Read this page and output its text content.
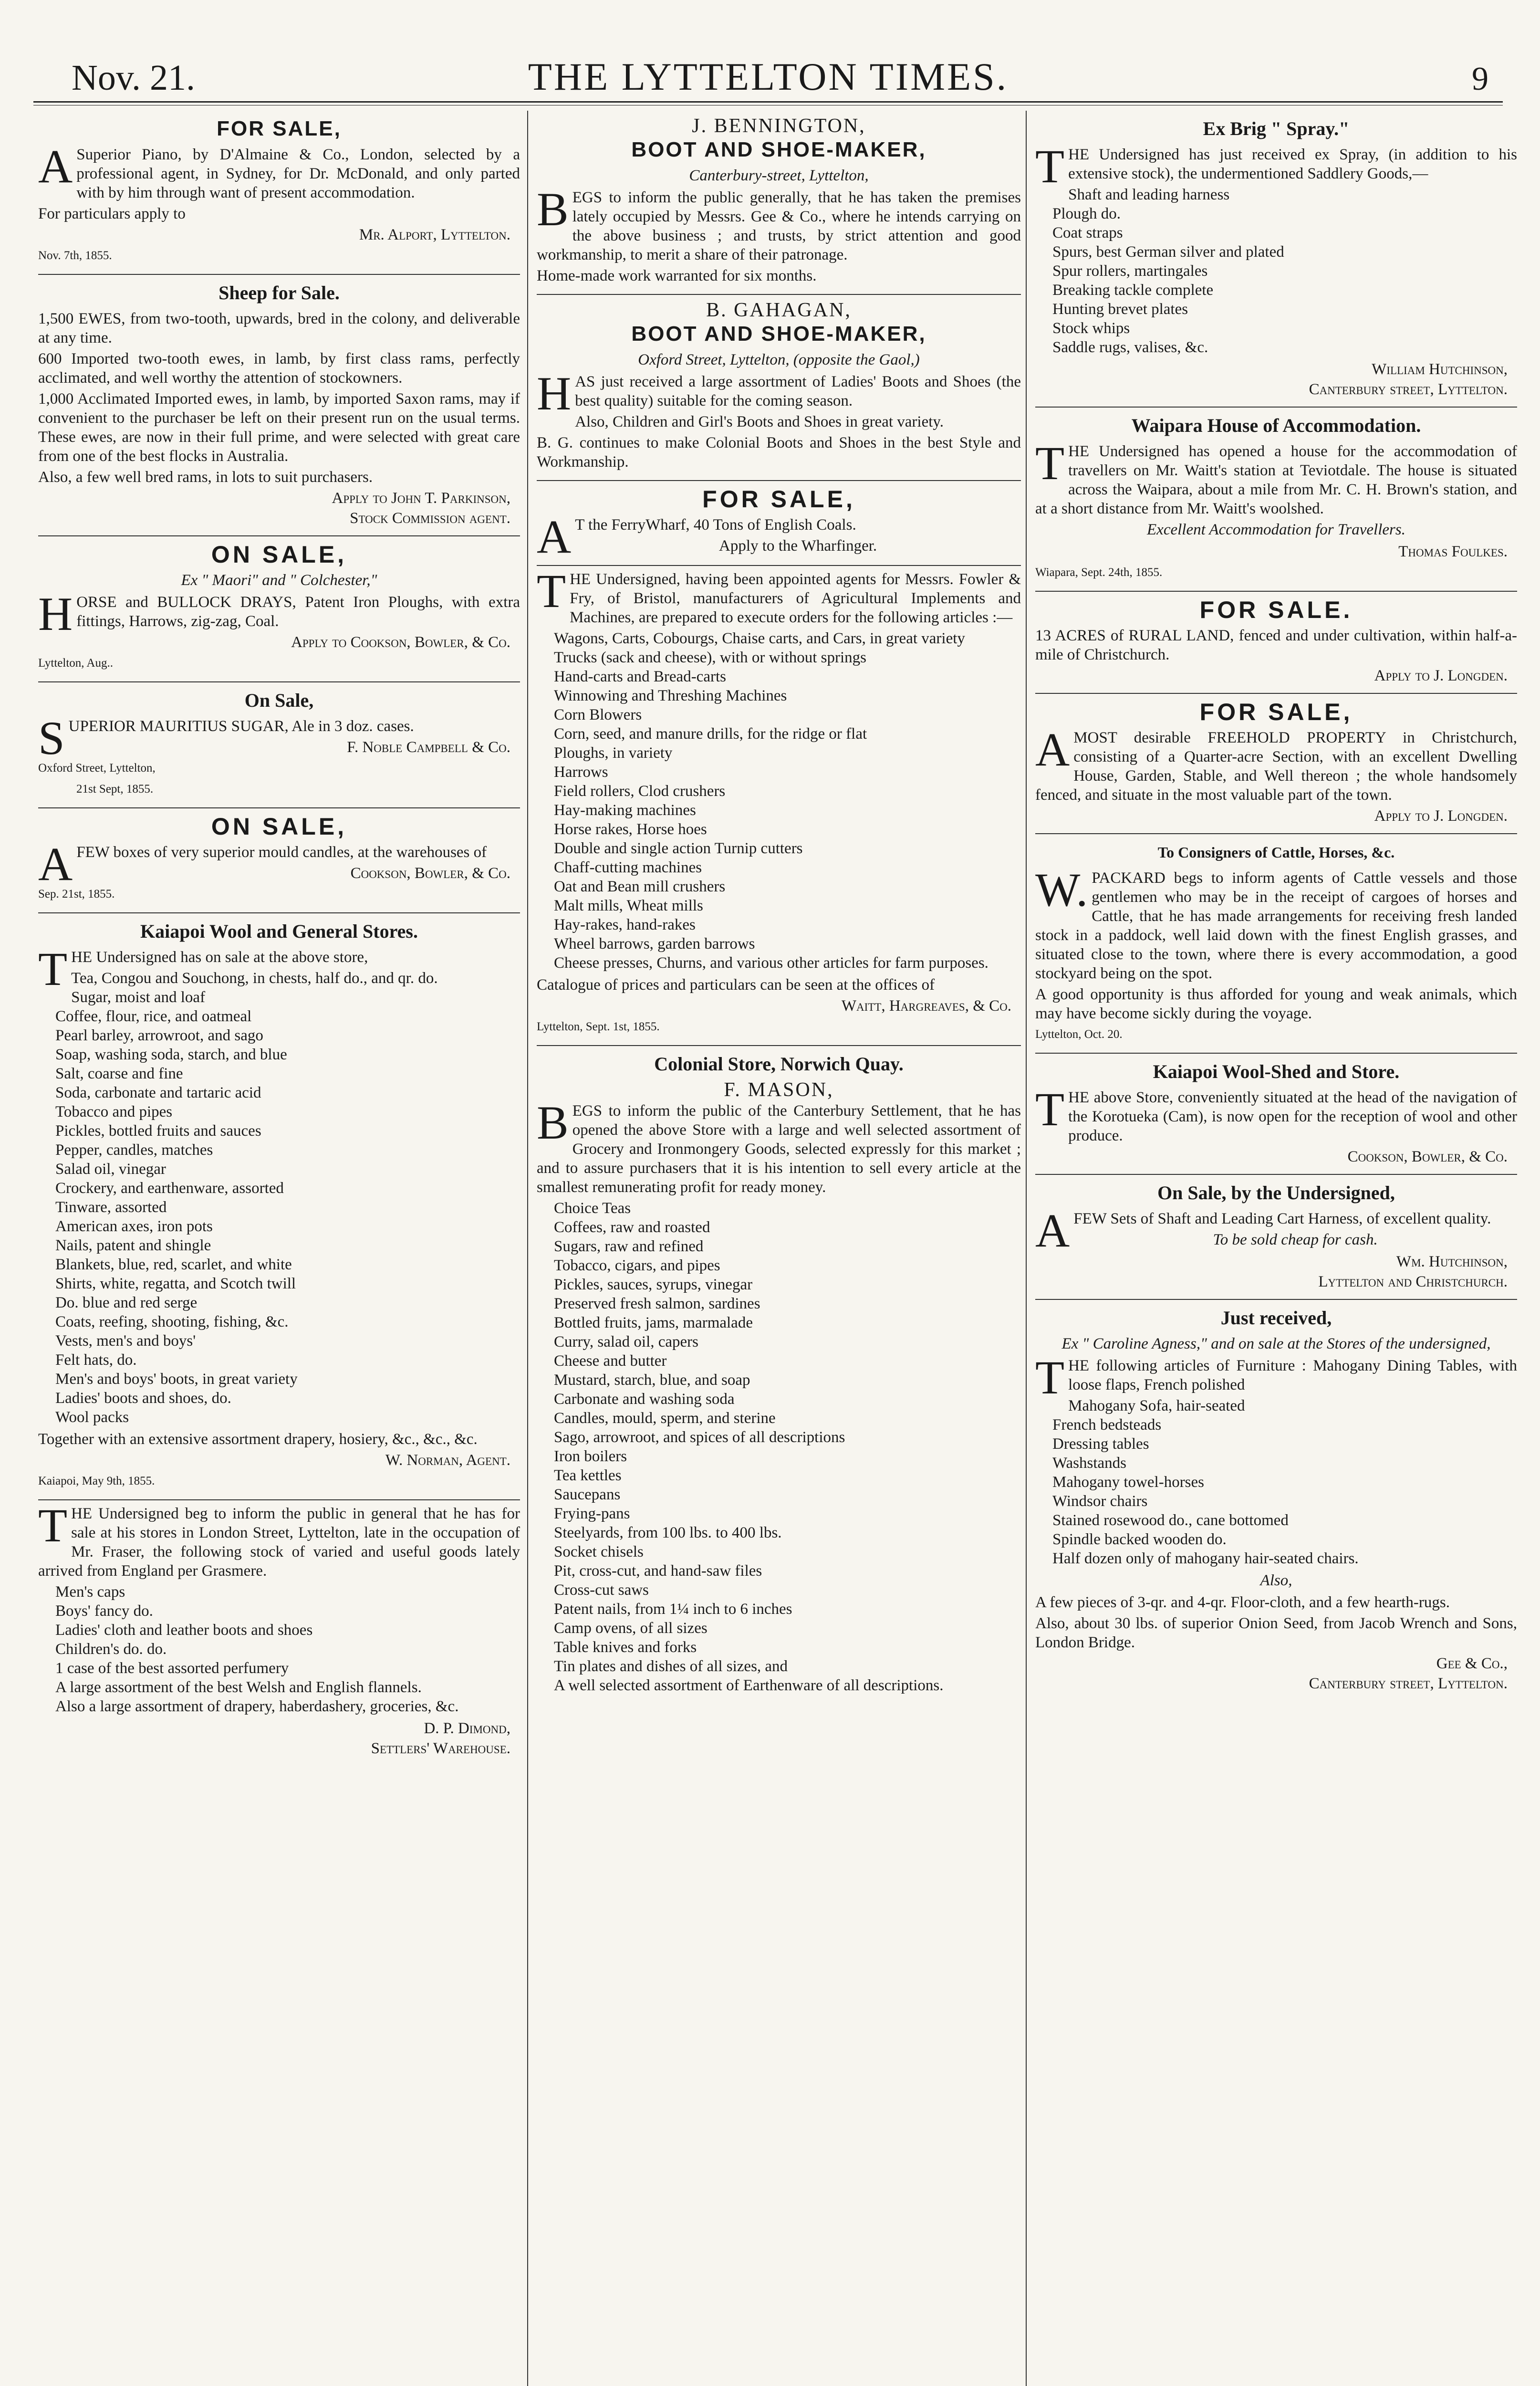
Nov. 21.	THE LYTTELTON TIMES.	9
FOR SALE,

ASuperior Piano, by D'Almaine & Co., London, selected by a professional agent, in Sydney, for Dr. McDonald, and only parted with by him through want of present accommodation.

For particulars apply to

Mr. Alport, Lyttelton.
Nov. 7th, 1855.
Sheep for Sale.

1,500 EWES, from two-tooth, upwards, bred in the colony, and deliverable at any time.

600 Imported two-tooth ewes, in lamb, by first class rams, perfectly acclimated, and well worthy the attention of stockowners.

1,000 Acclimated Imported ewes, in lamb, by imported Saxon rams, may if convenient to the purchaser be left on their present run on the usual terms. These ewes, are now in their full prime, and were selected with great care from one of the best flocks in Australia.

Also, a few well bred rams, in lots to suit purchasers.

Apply to John T. Parkinson,
Stock Commission agent.
ON SALE,
Ex " Maori" and " Colchester,"

HORSE and BULLOCK DRAYS, Patent Iron Ploughs, with extra fittings, Harrows, zig-zag, Coal.

Apply to Cookson, Bowler, & Co.
Lyttelton, Aug..
On Sale,

SUPERIOR MAURITIUS SUGAR, Ale in 3 doz. cases.

F. Noble Campbell & Co.
Oxford Street, Lyttelton,
21st Sept, 1855.
ON SALE,

AFEW boxes of very superior mould candles, at the warehouses of

Cookson, Bowler, & Co.
Sep. 21st, 1855.
Kaiapoi Wool and General Stores.

THE Undersigned has on sale at the above store,

Tea, Congou and Souchong, in chests, half do., and qr. do.
Sugar, moist and loaf
Coffee, flour, rice, and oatmeal
Pearl barley, arrowroot, and sago
Soap, washing soda, starch, and blue
Salt, coarse and fine
Soda, carbonate and tartaric acid
Tobacco and pipes
Pickles, bottled fruits and sauces
Pepper, candles, matches
Salad oil, vinegar
Crockery, and earthenware, assorted
Tinware, assorted
American axes, iron pots
Nails, patent and shingle
Blankets, blue, red, scarlet, and white
Shirts, white, regatta, and Scotch twill
Do. blue and red serge
Coats, reefing, shooting, fishing, &c.
Vests, men's and boys'
Felt hats, do.
Men's and boys' boots, in great variety
Ladies' boots and shoes, do.
Wool packs

Together with an extensive assortment drapery, hosiery, &c., &c., &c.

W. Norman, Agent.
Kaiapoi, May 9th, 1855.

THE Undersigned beg to inform the public in general that he has for sale at his stores in London Street, Lyttelton, late in the occupation of Mr. Fraser, the following stock of varied and useful goods lately arrived from England per Grasmere.

Men's caps
Boys' fancy do.
Ladies' cloth and leather boots and shoes
Children's do. do.
1 case of the best assorted perfumery
A large assortment of the best Welsh and English flannels.
Also a large assortment of drapery, haberdashery, groceries, &c.
D. P. Dimond,
Settlers' Warehouse.
J. BENNINGTON,
BOOT AND SHOE-MAKER,
Canterbury-street, Lyttelton,

BEGS to inform the public generally, that he has taken the premises lately occupied by Messrs. Gee & Co., where he intends carrying on the above business ; and trusts, by strict attention and good workmanship, to merit a share of their patronage.

Home-made work warranted for six months.

B. GAHAGAN,
BOOT AND SHOE-MAKER,
Oxford Street, Lyttelton, (opposite the Gaol,)

HAS just received a large assortment of Ladies' Boots and Shoes (the best quality) suitable for the coming season.

Also, Children and Girl's Boots and Shoes in great variety.

B. G. continues to make Colonial Boots and Shoes in the best Style and Workmanship.

FOR SALE,

AT the FerryWharf, 40 Tons of English Coals.

Apply to the Wharfinger.

THE Undersigned, having been appointed agents for Messrs. Fowler & Fry, of Bristol, manufacturers of Agricultural Implements and Machines, are prepared to execute orders for the following articles :—

Wagons, Carts, Cobourgs, Chaise carts, and Cars, in great variety
Trucks (sack and cheese), with or without springs
Hand-carts and Bread-carts
Winnowing and Threshing Machines
Corn Blowers
Corn, seed, and manure drills, for the ridge or flat
Ploughs, in variety
Harrows
Field rollers, Clod crushers
Hay-making machines
Horse rakes, Horse hoes
Double and single action Turnip cutters
Chaff-cutting machines
Oat and Bean mill crushers
Malt mills, Wheat mills
Hay-rakes, hand-rakes
Wheel barrows, garden barrows
Cheese presses, Churns, and various other articles for farm purposes.

Catalogue of prices and particulars can be seen at the offices of

Waitt, Hargreaves, & Co.
Lyttelton, Sept. 1st, 1855.
Colonial Store, Norwich Quay.
F. MASON,

BEGS to inform the public of the Canterbury Settlement, that he has opened the above Store with a large and well selected assortment of Grocery and Ironmongery Goods, selected expressly for this market ; and to assure purchasers that it is his intention to sell every article at the smallest remunerating profit for ready money.

Choice Teas
Coffees, raw and roasted
Sugars, raw and refined
Tobacco, cigars, and pipes
Pickles, sauces, syrups, vinegar
Preserved fresh salmon, sardines
Bottled fruits, jams, marmalade
Curry, salad oil, capers
Cheese and butter
Mustard, starch, blue, and soap
Carbonate and washing soda
Candles, mould, sperm, and sterine
Sago, arrowroot, and spices of all descriptions
Iron boilers
Tea kettles
Saucepans
Frying-pans
Steelyards, from 100 lbs. to 400 lbs.
Socket chisels
Pit, cross-cut, and hand-saw files
Cross-cut saws
Patent nails, from 1¼ inch to 6 inches
Camp ovens, of all sizes
Table knives and forks
Tin plates and dishes of all sizes, and
A well selected assortment of Earthenware of all descriptions.
Ex Brig " Spray."

THE Undersigned has just received ex Spray, (in addition to his extensive stock), the undermentioned Saddlery Goods,—

Shaft and leading harness
Plough do.
Coat straps
Spurs, best German silver and plated
Spur rollers, martingales
Breaking tackle complete
Hunting brevet plates
Stock whips
Saddle rugs, valises, &c.
William Hutchinson,
Canterbury street, Lyttelton.
Waipara House of Accommodation.

THE Undersigned has opened a house for the accommodation of travellers on Mr. Waitt's station at Teviotdale. The house is situated across the Waipara, about a mile from Mr. C. H. Brown's station, and at a short distance from Mr. Waitt's woolshed.

Excellent Accommodation for Travellers.
Thomas Foulkes.
Wiapara, Sept. 24th, 1855.
FOR SALE.

13 ACRES of RURAL LAND, fenced and under cultivation, within half-a-mile of Christchurch.

Apply to J. Longden.
FOR SALE,

AMOST desirable FREEHOLD PROPERTY in Christchurch, consisting of a Quarter-acre Section, with an excellent Dwelling House, Garden, Stable, and Well thereon ; the whole handsomely fenced, and situate in the most valuable part of the town.

Apply to J. Longden.
To Consigners of Cattle, Horses, &c.

W.PACKARD begs to inform agents of Cattle vessels and those gentlemen who may be in the receipt of cargoes of horses and Cattle, that he has made arrangements for receiving fresh landed stock in a paddock, well laid down with the finest English grasses, and situated close to the town, where there is every accommodation, a good stockyard being on the spot.

A good opportunity is thus afforded for young and weak animals, which may have become sickly during the voyage.

Lyttelton, Oct. 20.
Kaiapoi Wool-Shed and Store.

THE above Store, conveniently situated at the head of the navigation of the Korotueka (Cam), is now open for the reception of wool and other produce.

Cookson, Bowler, & Co.
On Sale, by the Undersigned,

AFEW Sets of Shaft and Leading Cart Harness, of excellent quality.

To be sold cheap for cash.
Wm. Hutchinson,
Lyttelton and Christchurch.
Just received,
Ex " Caroline Agness," and on sale at the Stores of the undersigned,

THE following articles of Furniture : Mahogany Dining Tables, with loose flaps, French polished

Mahogany Sofa, hair-seated
French bedsteads
Dressing tables
Washstands
Mahogany towel-horses
Windsor chairs
Stained rosewood do., cane bottomed
Spindle backed wooden do.
Half dozen only of mahogany hair-seated chairs.
Also,

A few pieces of 3-qr. and 4-qr. Floor-cloth, and a few hearth-rugs.

Also, about 30 lbs. of superior Onion Seed, from Jacob Wrench and Sons, London Bridge.

Gee & Co.,
Canterbury street, Lyttelton.
